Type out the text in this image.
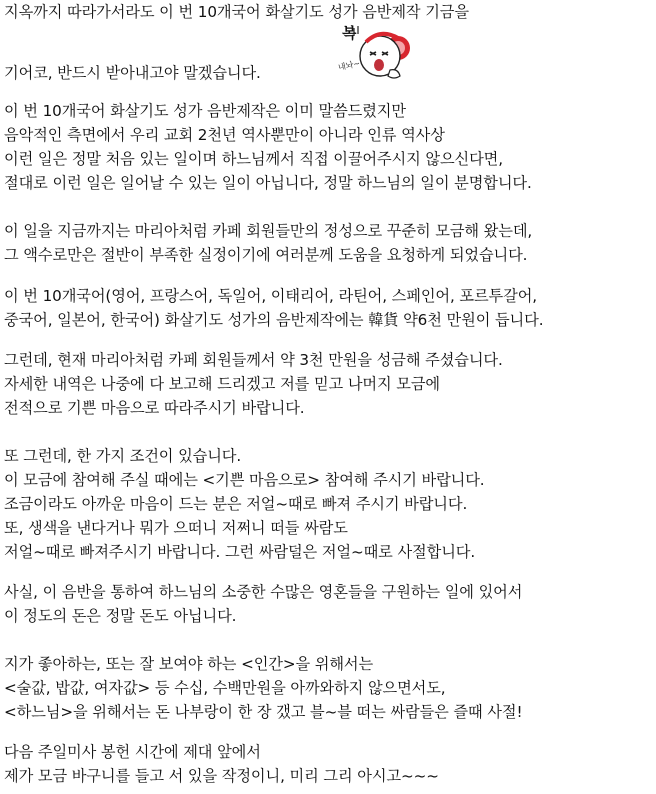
지옥까지 따라가서라도 이 번 10개국어 화살기도 성가 음반제작 기금을
기어코, 반드시 받아내고야 말겠습니다.
이 번 10개국어 화살기도 성가 음반제작은 이미 말씀드렸지만
음악적인 측면에서 우리 교회 2천년 역사뿐만이 아니라 인류 역사상
이런 일은 정말 처음 있는 일이며 하느님께서 직접 이끌어주시지 않으신다면,
절대로 이런 일은 일어날 수 있는 일이 아닙니다, 정말 하느님의 일이 분명합니다.
이 일을 지금까지는 마리아처럼 카페 회원들만의 정성으로 꾸준히 모금해 왔는데,
그 액수로만은 절반이 부족한 실정이기에 여러분께 도움을 요청하게 되었습니다.
이 번 10개국어(영어, 프랑스어, 독일어, 이태리어, 라틴어, 스페인어, 포르투갈어,
중국어, 일본어, 한국어) 화살기도 성가의 음반제작에는 韓貨 약6천 만원이 듭니다.
그런데, 현재 마리아처럼 카페 회원들께서 약 3천 만원을 성금해 주셨습니다.
자세한 내역은 나중에 다 보고해 드리겠고 저를 믿고 나머지 모금에
전적으로 기쁜 마음으로 따라주시기 바랍니다.
또 그런데, 한 가지 조건이 있습니다.
이 모금에 참여해 주실 때에는 <기쁜 마음으로> 참여해 주시기 바랍니다.
조금이라도 아까운 마음이 드는 분은 저얼~때로 빠져 주시기 바랍니다.
또, 생색을 낸다거나 뭐가 으떠니 저쩌니 떠들 싸람도
저얼~때로 빠져주시기 바랍니다. 그런 싸람덜은 저얼~때로 사절합니다.
사실, 이 음반을 통하여 하느님의 소중한 수많은 영혼들을 구원하는 일에 있어서
이 정도의 돈은 정말 돈도 아닙니다.
지가 좋아하는, 또는 잘 보여야 하는 <인간>을 위해서는
<술값, 밥값, 여자값> 등 수십, 수백만원을 아까와하지 않으면서도,
<하느님>을 위해서는 돈 나부랑이 한 장 갰고 블~블 떠는 싸람들은 즐때 사절!
다음 주일미사 봉헌 시간에 제대 앞에서
제가 모금 바구니를 들고 서 있을 작정이니, 미리 그리 아시고~~~
복
내놔~
